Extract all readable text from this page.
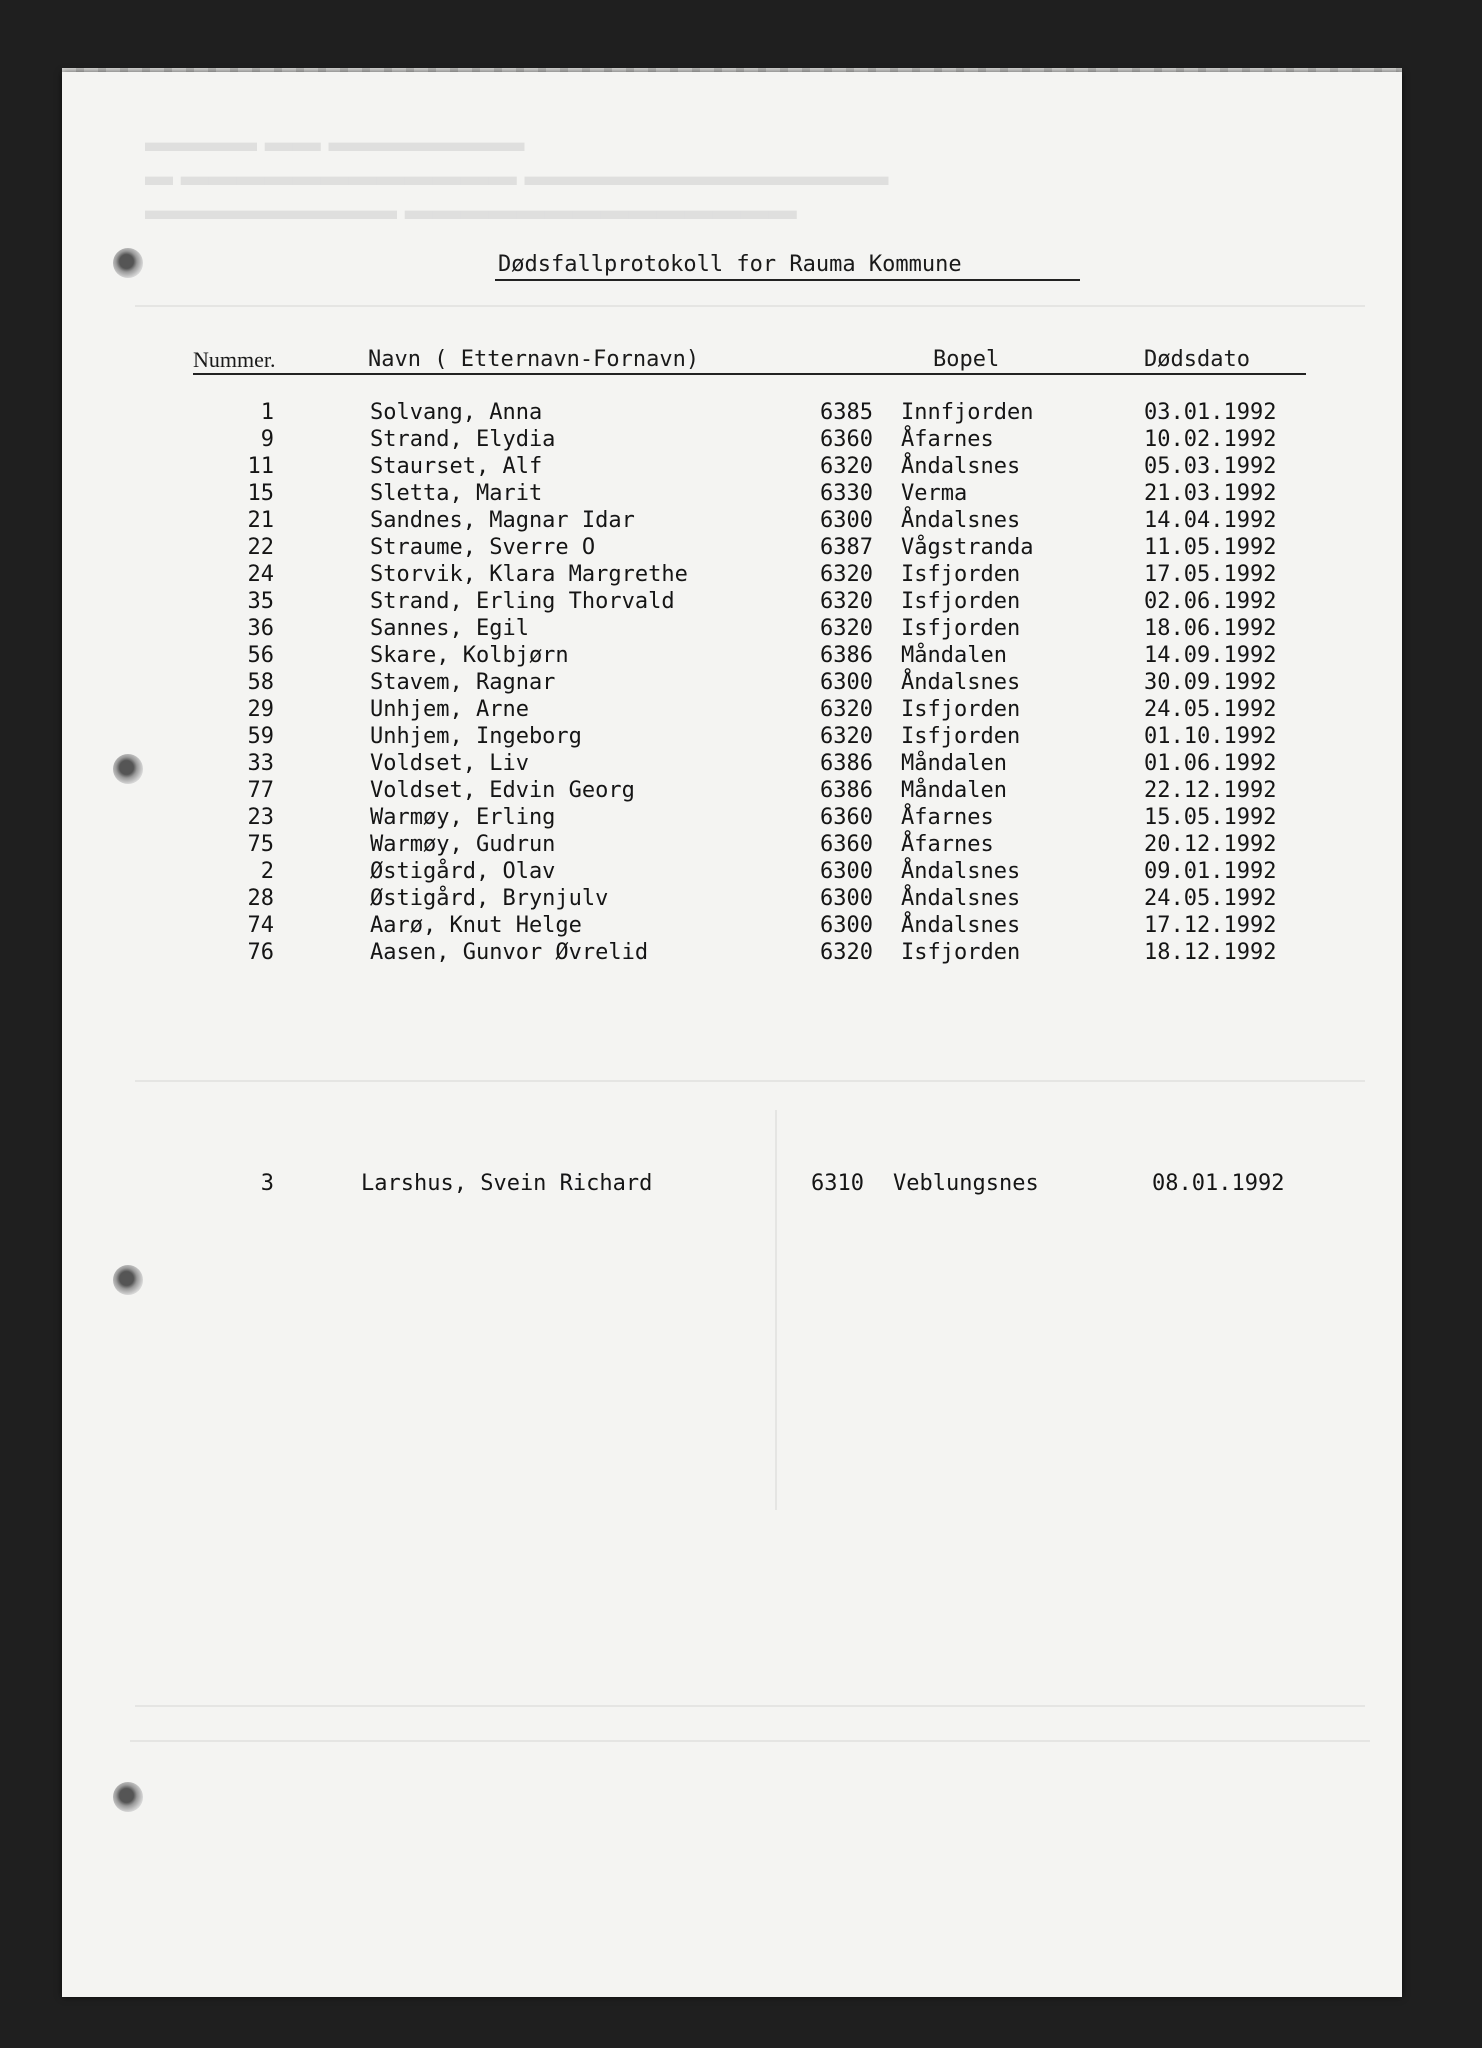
▬▬▬▬ ▬▬ ▬▬▬▬▬▬▬
▬ ▬▬▬▬▬▬▬▬▬▬▬▬ ▬▬▬▬▬▬▬▬▬▬▬▬▬
▬▬▬▬▬▬▬▬▬ ▬▬▬▬▬▬▬▬▬▬▬▬▬▬
Dødsfallprotokoll for Rauma Kommune
Nummer.	Navn ( Etternavn-Fornavn)	Bopel	Dødsdato
1	Solvang, Anna	6385 Innfjorden	03.01.1992
9	Strand, Elydia	6360 Åfarnes	10.02.1992
11	Staurset, Alf	6320 Åndalsnes	05.03.1992
15	Sletta, Marit	6330 Verma	21.03.1992
21	Sandnes, Magnar Idar	6300 Åndalsnes	14.04.1992
22	Straume, Sverre O	6387 Vågstranda	11.05.1992
24	Storvik, Klara Margrethe	6320 Isfjorden	17.05.1992
35	Strand, Erling Thorvald	6320 Isfjorden	02.06.1992
36	Sannes, Egil	6320 Isfjorden	18.06.1992
56	Skare, Kolbjørn	6386 Måndalen	14.09.1992
58	Stavem, Ragnar	6300 Åndalsnes	30.09.1992
29	Unhjem, Arne	6320 Isfjorden	24.05.1992
59	Unhjem, Ingeborg	6320 Isfjorden	01.10.1992
33	Voldset, Liv	6386 Måndalen	01.06.1992
77	Voldset, Edvin Georg	6386 Måndalen	22.12.1992
23	Warmøy, Erling	6360 Åfarnes	15.05.1992
75	Warmøy, Gudrun	6360 Åfarnes	20.12.1992
2	Østigård, Olav	6300 Åndalsnes	09.01.1992
28	Østigård, Brynjulv	6300 Åndalsnes	24.05.1992
74	Aarø, Knut Helge	6300 Åndalsnes	17.12.1992
76	Aasen, Gunvor Øvrelid	6320 Isfjorden	18.12.1992
3	Larshus, Svein Richard	6310 Veblungsnes	08.01.1992
